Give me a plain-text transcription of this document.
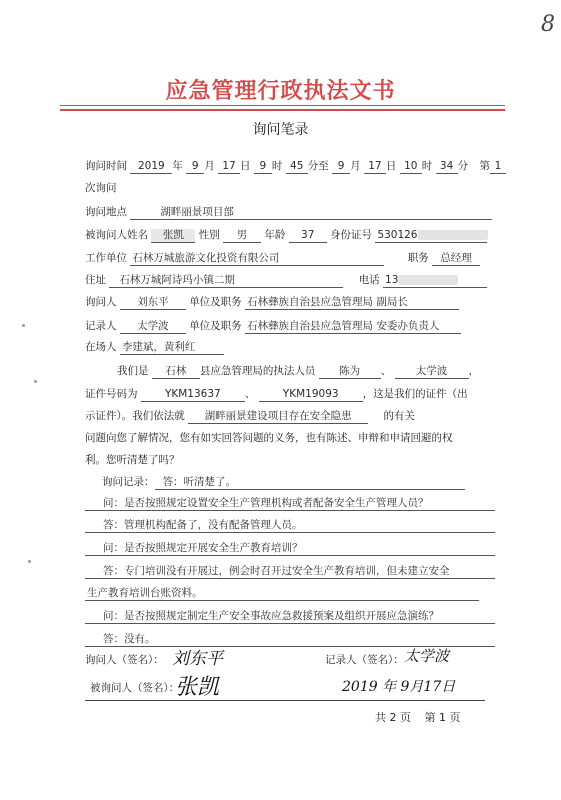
8
应急管理行政执法文书
询问笔录
询问时间 2019 年 9 月 17 日 9 时 45 分至 9 月 17 日 10 时 34 分 第 1
次询问
询问地点	湖畔丽景项目部
被询问人姓名 张凯 性别 男 年龄 37 身份证号 530126
工作单位 石林万城旅游文化投资有限公司	职务 总经理
住址 石林万城阿诗玛小镇二期	电话 13
询问人 刘东平 单位及职务 石林彝族自治县应急管理局 副局长
记录人 太学波 单位及职务 石林彝族自治县应急管理局 安委办负责人
在场人 李建斌，黄利红
我们是 石林 县应急管理局的执法人员 陈为 、 太学波 ，
证件号码为	YKM13637 、	YKM19093 ，这是我们的证件（出
示证件）。我们依法就 湖畔丽景建设项目存在安全隐患	的有关
问题向您了解情况，您有如实回答问题的义务，也有陈述、申辩和申请回避的权
利。您听清楚了吗？
询问记录： 答：听清楚了。
问：是否按照规定设置安全生产管理机构或者配备安全生产管理人员？
答：管理机构配备了，没有配备管理人员。
问：是否按照规定开展安全生产教育培训？
答：专门培训没有开展过，例会时召开过安全生产教育培训，但未建立安全
生产教育培训台账资料。
问：是否按照规定制定生产安全事故应急救援预案及组织开展应急演练？
答：没有。
询问人（签名）： 刘东平	记录人（签名）： 太学波
被询问人（签名）：
张凯	2019 年 9月17日
共 2 页 第 1 页
